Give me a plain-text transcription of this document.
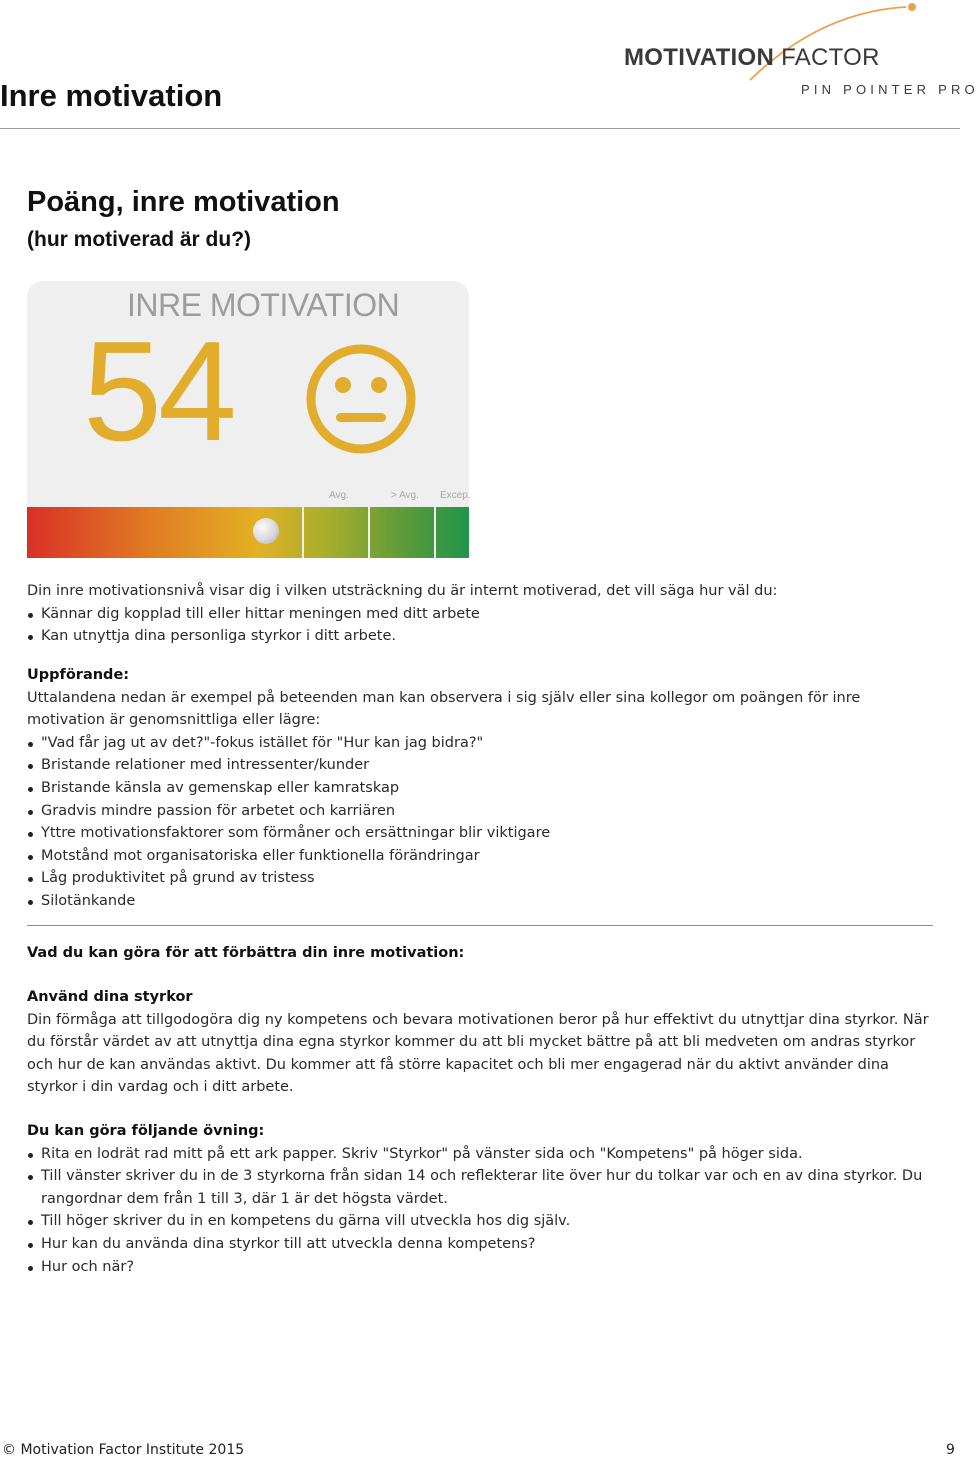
Inre motivation
MOTIVATION FACTOR
PIN POINTER PRO
Poäng, inre motivation
(hur motiverad är du?)
INRE MOTIVATION
54
Avg.	> Avg. Excep.

Din inre motivationsnivå visar dig i vilken utsträckning du är internt motiverad, det vill säga hur väl du:

Kännar dig kopplad till eller hittar meningen med ditt arbete
Kan utnyttja dina personliga styrkor i ditt arbete.

Uppförande:

Uttalandena nedan är exempel på beteenden man kan observera i sig själv eller sina kollegor om poängen för inre motivation är genomsnittliga eller lägre:

"Vad får jag ut av det?"-fokus istället för "Hur kan jag bidra?"
Bristande relationer med intressenter/kunder
Bristande känsla av gemenskap eller kamratskap
Gradvis mindre passion för arbetet och karriären
Yttre motivationsfaktorer som förmåner och ersättningar blir viktigare
Motstånd mot organisatoriska eller funktionella förändringar
Låg produktivitet på grund av tristess
Silotänkande

Vad du kan göra för att förbättra din inre motivation:

Använd dina styrkor

Din förmåga att tillgodogöra dig ny kompetens och bevara motivationen beror på hur effektivt du utnyttjar dina styrkor. När du förstår värdet av att utnyttja dina egna styrkor kommer du att bli mycket bättre på att bli medveten om andras styrkor och hur de kan användas aktivt. Du kommer att få större kapacitet och bli mer engagerad när du aktivt använder dina styrkor i din vardag och i ditt arbete.

Du kan göra följande övning:

Rita en lodrät rad mitt på ett ark papper. Skriv "Styrkor" på vänster sida och "Kompetens" på höger sida.
Till vänster skriver du in de 3 styrkorna från sidan 14 och reflekterar lite över hur du tolkar var och en av dina styrkor. Du rangordnar dem från 1 till 3, där 1 är det högsta värdet.
Till höger skriver du in en kompetens du gärna vill utveckla hos dig själv.
Hur kan du använda dina styrkor till att utveckla denna kompetens?
Hur och när?
© Motivation Factor Institute 2015	9
